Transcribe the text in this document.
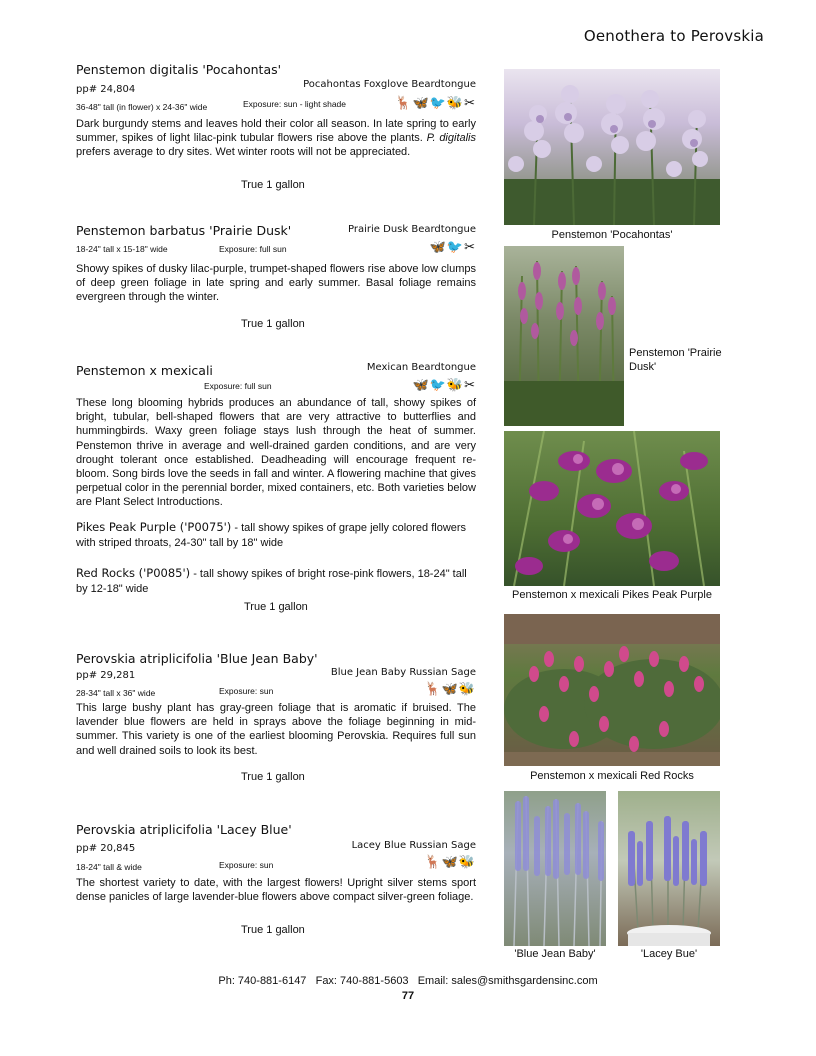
Oenothera to Perovskia
Penstemon digitalis 'Pocahontas'
Pocahontas Foxglove Beardtongue
pp# 24,804
36-48" tall (in flower) x 24-36" wide	Exposure: sun - light shade	🦌🦋🐦🐝✂
Dark burgundy stems and leaves hold their color all season. In late spring to early summer, spikes of light lilac-pink tubular flowers rise above the plants. P. digitalis prefers average to dry sites. Wet winter roots will not be appreciated.
True 1 gallon
Penstemon barbatus 'Prairie Dusk'	Prairie Dusk Beardtongue
18-24" tall x 15-18" wide	Exposure: full sun	🦋🐦✂
Showy spikes of dusky lilac-purple, trumpet-shaped flowers rise above low clumps of deep green foliage in late spring and early summer. Basal foliage remains evergreen through the winter.
True 1 gallon
Penstemon x mexicali	Mexican Beardtongue
Exposure: full sun	🦋🐦🐝✂
These long blooming hybrids produces an abundance of tall, showy spikes of bright, tubular, bell-shaped flowers that are very attractive to butterflies and hummingbirds. Waxy green foliage stays lush through the heat of summer. Penstemon thrive in average and well-drained garden conditions, and are very drought tolerant once established. Deadheading will encourage frequent re-bloom. Song birds love the seeds in fall and winter. A flowering machine that gives perpetual color in the perennial border, mixed containers, etc. Both varieties below are Plant Select Introductions.
Pikes Peak Purple ('P0075') - tall showy spikes of grape jelly colored flowers with striped throats, 24-30" tall by 18" wide
Red Rocks ('P0085') - tall showy spikes of bright rose-pink flowers, 18-24" tall by 12-18" wide
True 1 gallon
Perovskia atriplicifolia 'Blue Jean Baby'
Blue Jean Baby Russian Sage
pp# 29,281
28-34" tall x 36" wide	Exposure: sun	🦌🦋🐝
This large bushy plant has gray-green foliage that is aromatic if bruised. The lavender blue flowers are held in sprays above the foliage beginning in mid-summer. This variety is one of the earliest blooming Perovskia. Requires full sun and well drained soils to look its best.
True 1 gallon
Perovskia atriplicifolia 'Lacey Blue'
Lacey Blue Russian Sage
pp# 20,845
18-24" tall & wide	Exposure: sun	🦌🦋🐝
The shortest variety to date, with the largest flowers! Upright silver stems sport dense panicles of large lavender-blue flowers above compact silver-green foliage.
True 1 gallon
Penstemon 'Pocahontas'
Penstemon 'Prairie Dusk'
Penstemon x mexicali Pikes Peak Purple
Penstemon x mexicali Red Rocks
'Blue Jean Baby'	'Lacey Bue'
Ph: 740-881-6147   Fax: 740-881-5603   Email: sales@smithsgardensinc.com
77
